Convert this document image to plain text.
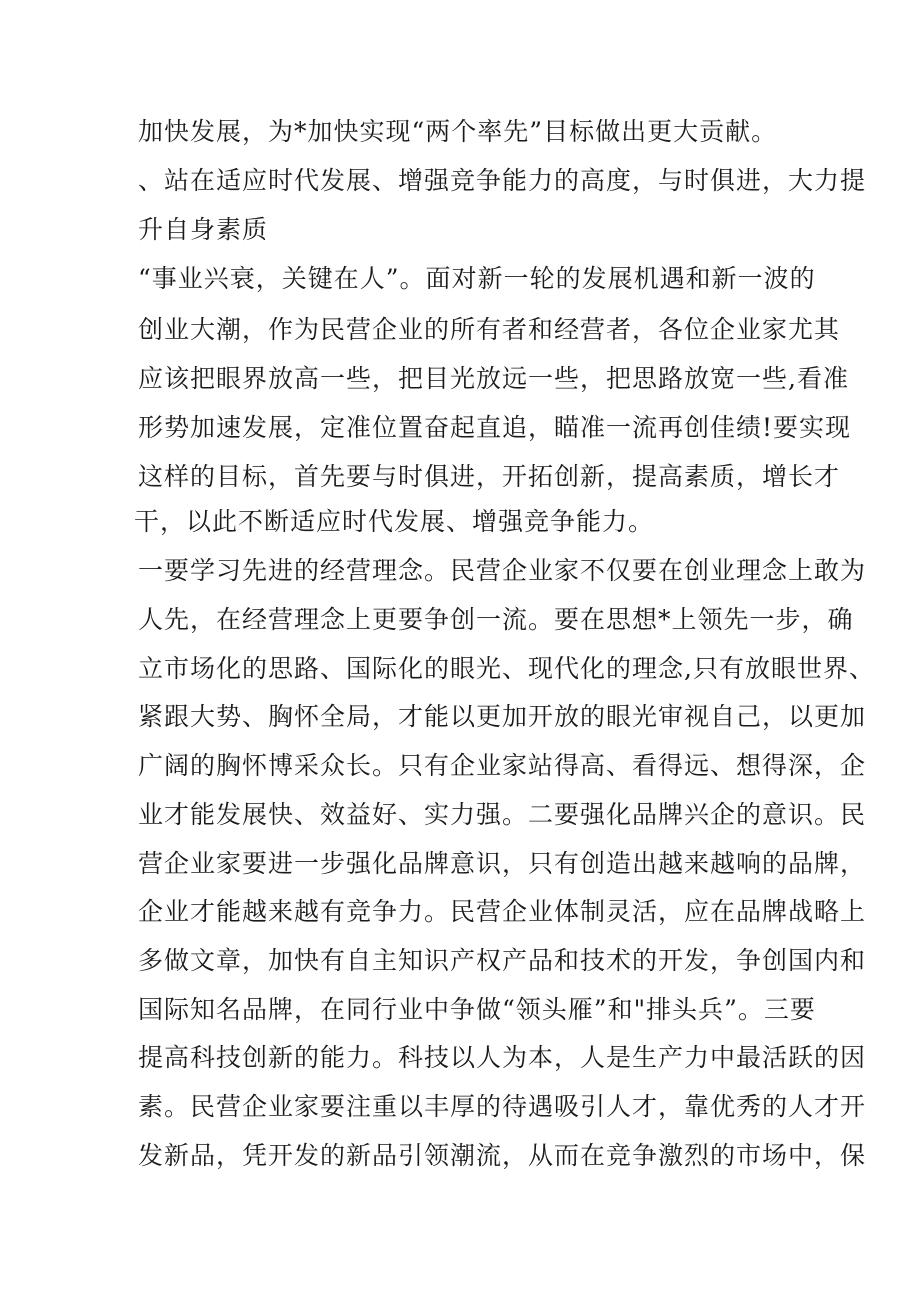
加快发展，为*加快实现“两个率先”目标做出更大贡献。
、站在适应时代发展、增强竞争能力的高度，与时俱进，大力提
升自身素质
“事业兴衰，关键在人”。面对新一轮的发展机遇和新一波的
创业大潮，作为民营企业的所有者和经营者，各位企业家尤其
应该把眼界放高一些，把目光放远一些，把思路放宽一些,看准
形势加速发展，定准位置奋起直追，瞄准一流再创佳绩!要实现
这样的目标，首先要与时俱进，开拓创新，提高素质，增长才
干，以此不断适应时代发展、增强竞争能力。
一要学习先进的经营理念。民营企业家不仅要在创业理念上敢为
人先，在经营理念上更要争创一流。要在思想*上领先一步，确
立市场化的思路、国际化的眼光、现代化的理念,只有放眼世界、
紧跟大势、胸怀全局，才能以更加开放的眼光审视自己，以更加
广阔的胸怀博采众长。只有企业家站得高、看得远、想得深，企
业才能发展快、效益好、实力强。二要强化品牌兴企的意识。民
营企业家要进一步强化品牌意识，只有创造出越来越响的品牌，
企业才能越来越有竞争力。民营企业体制灵活，应在品牌战略上
多做文章，加快有自主知识产权产品和技术的开发，争创国内和
国际知名品牌，在同行业中争做“领头雁”和"排头兵”。三要
提高科技创新的能力。科技以人为本，人是生产力中最活跃的因
素。民营企业家要注重以丰厚的待遇吸引人才，靠优秀的人才开
发新品，凭开发的新品引领潮流，从而在竞争激烈的市场中，保
